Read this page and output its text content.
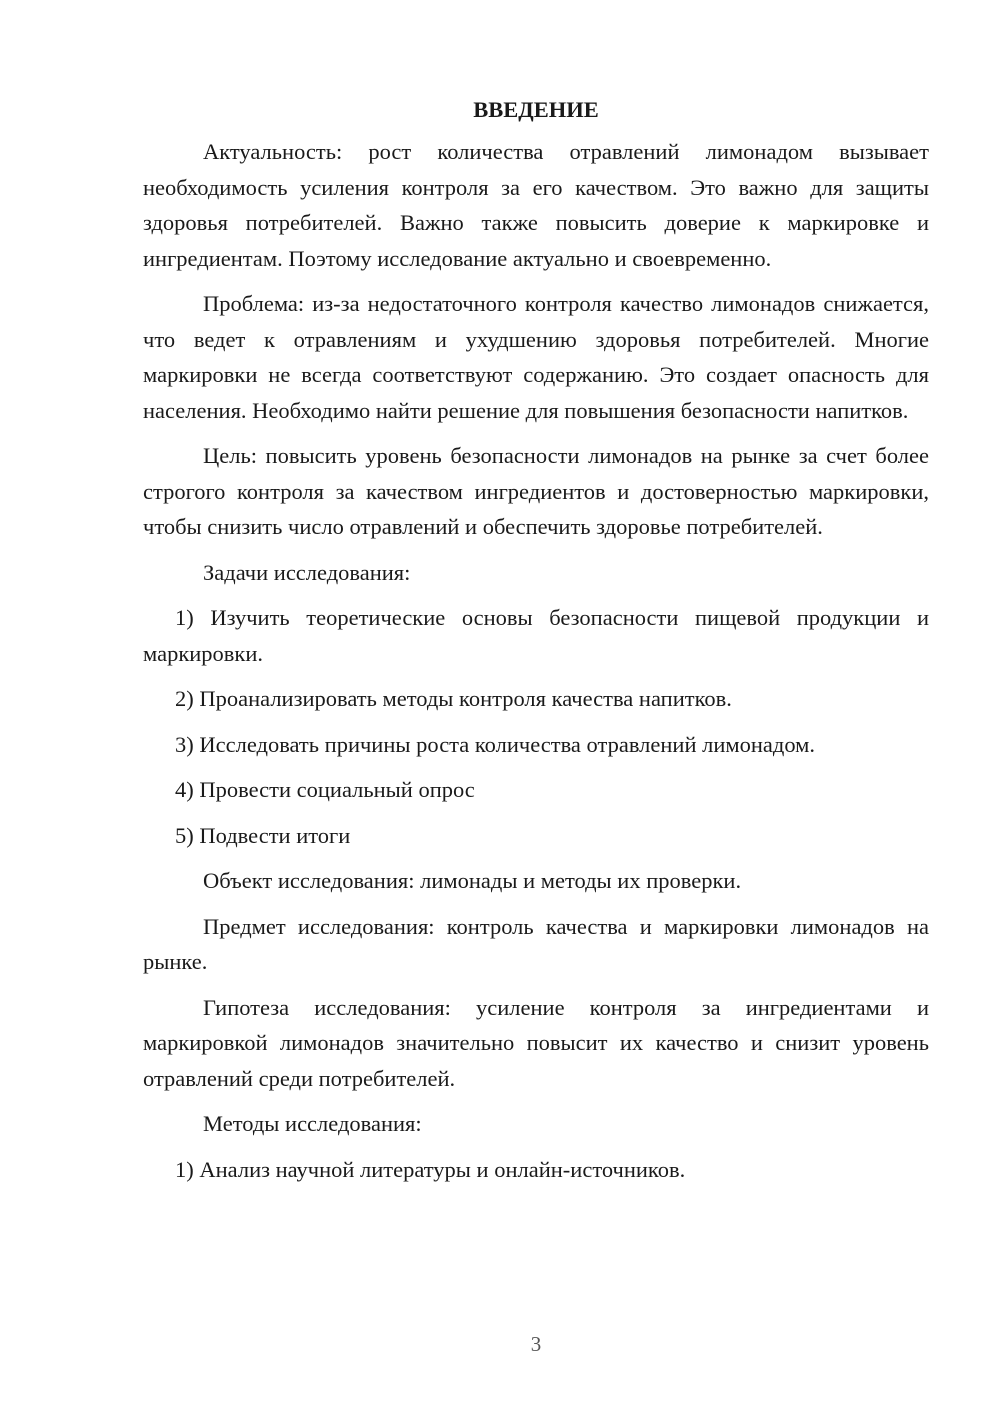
ВВЕДЕНИЕ

Актуальность: рост количества отравлений лимонадом вызывает необходимость усиления контроля за его качеством. Это важно для защиты здоровья потребителей. Важно также повысить доверие к маркировке и ингредиентам. Поэтому исследование актуально и своевременно.

Проблема: из-за недостаточного контроля качество лимонадов снижается, что ведет к отравлениям и ухудшению здоровья потребителей. Многие маркировки не всегда соответствуют содержанию. Это создает опасность для населения. Необходимо найти решение для повышения безопасности напитков.

Цель: повысить уровень безопасности лимонадов на рынке за счет более строгого контроля за качеством ингредиентов и достоверностью маркировки, чтобы снизить число отравлений и обеспечить здоровье потребителей.

Задачи исследования:

1) Изучить теоретические основы безопасности пищевой продукции и маркировки.

2) Проанализировать методы контроля качества напитков.

3) Исследовать причины роста количества отравлений лимонадом.

4) Провести социальный опрос

5) Подвести итоги

Объект исследования: лимонады и методы их проверки.

Предмет исследования: контроль качества и маркировки лимонадов на рынке.

Гипотеза исследования: усиление контроля за ингредиентами и маркировкой лимонадов значительно повысит их качество и снизит уровень отравлений среди потребителей.

Методы исследования:

1) Анализ научной литературы и онлайн-источников.

3
